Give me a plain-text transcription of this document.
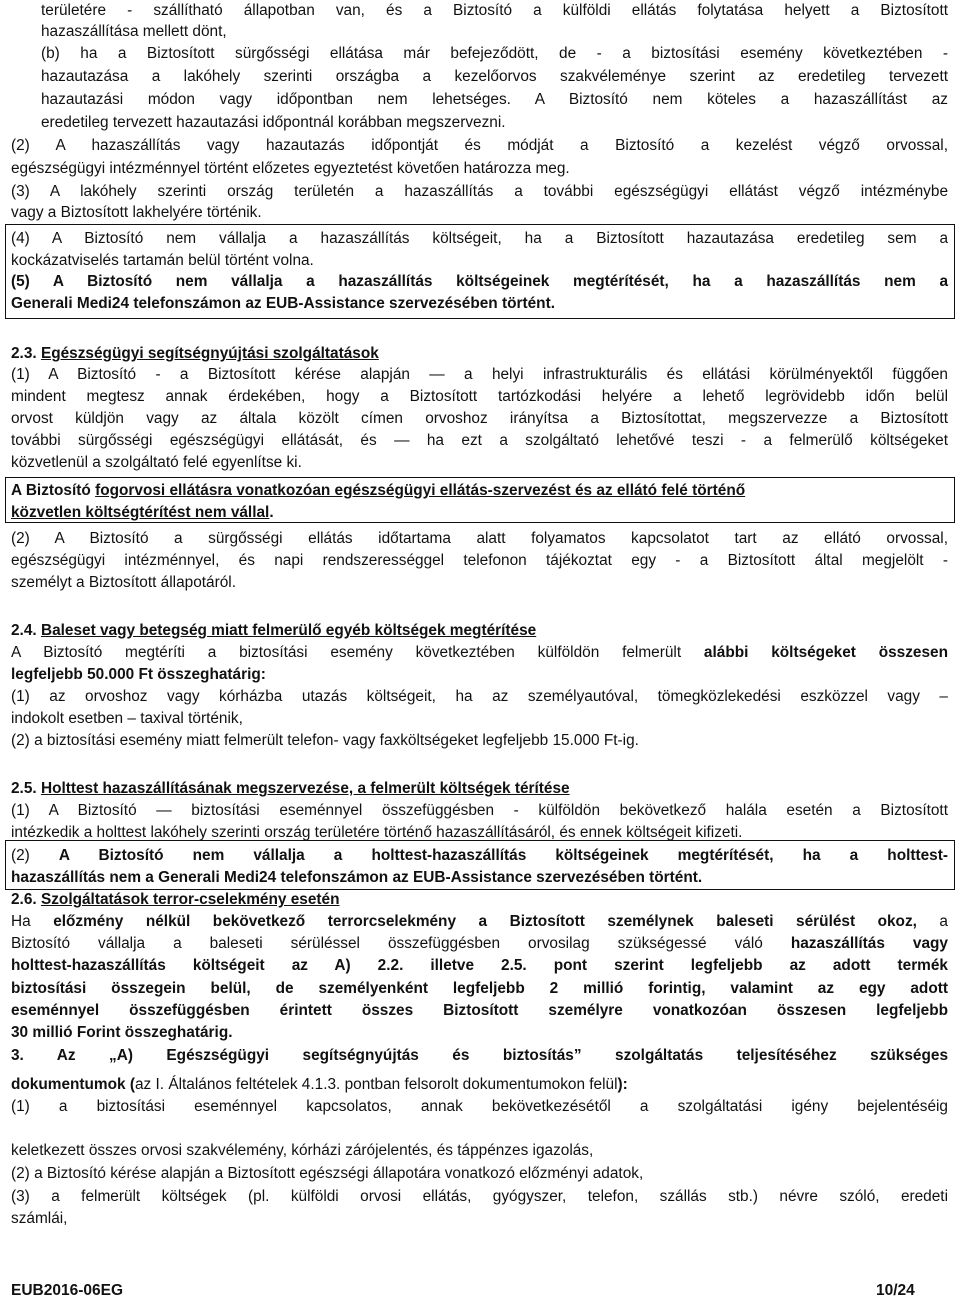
területére - szállítható állapotban van, és a Biztosító a külföldi ellátás folytatása helyett a Biztosított
hazaszállítása mellett dönt,
(b) ha a Biztosított sürgősségi ellátása már befejeződött, de - a biztosítási esemény következtében -
hazautazása a lakóhely szerinti országba a kezelőorvos szakvéleménye szerint az eredetileg tervezett
hazautazási módon vagy időpontban nem lehetséges. A Biztosító nem köteles a hazaszállítást az
eredetileg tervezett hazautazási időpontnál korábban megszervezni.
(2) A hazaszállítás vagy hazautazás időpontját és módját a Biztosító a kezelést végző orvossal,
egészségügyi intézménnyel történt előzetes egyeztetést követően határozza meg.
(3) A lakóhely szerinti ország területén a hazaszállítás a további egészségügyi ellátást végző intézménybe
vagy a Biztosított lakhelyére történik.
(4) A Biztosító nem vállalja a hazaszállítás költségeit, ha a Biztosított hazautazása eredetileg sem a
kockázatviselés tartamán belül történt volna.
(5) A Biztosító nem vállalja a hazaszállítás költségeinek megtérítését, ha a hazaszállítás nem a
Generali Medi24 telefonszámon az EUB-Assistance szervezésében történt.
2.3. Egészségügyi segítségnyújtási szolgáltatások
(1) A Biztosító - a Biztosított kérése alapján — a helyi infrastrukturális és ellátási körülményektől függően
mindent megtesz annak érdekében, hogy a Biztosított tartózkodási helyére a lehető legrövidebb időn belül
orvost küldjön vagy az általa közölt címen orvoshoz irányítsa a Biztosítottat, megszervezze a Biztosított
további sürgősségi egészségügyi ellátását, és — ha ezt a szolgáltató lehetővé teszi - a felmerülő költségeket
közvetlenül a szolgáltató felé egyenlítse ki.
A Biztosító fogorvosi ellátásra vonatkozóan egészségügyi ellátás-szervezést és az ellátó felé történő
közvetlen költségtérítést nem vállal.
(2) A Biztosító a sürgősségi ellátás időtartama alatt folyamatos kapcsolatot tart az ellátó orvossal,
egészségügyi intézménnyel, és napi rendszerességgel telefonon tájékoztat egy - a Biztosított által megjelölt -
személyt a Biztosított állapotáról.
2.4. Baleset vagy betegség miatt felmerülő egyéb költségek megtérítése
A Biztosító megtéríti a biztosítási esemény következtében külföldön felmerült alábbi költségeket összesen
legfeljebb 50.000 Ft összeghatárig:
(1) az orvoshoz vagy kórházba utazás költségeit, ha az személyautóval, tömegközlekedési eszközzel vagy –
indokolt esetben – taxival történik,
(2) a biztosítási esemény miatt felmerült telefon- vagy faxköltségeket legfeljebb 15.000 Ft-ig.
2.5. Holttest hazaszállításának megszervezése, a felmerült költségek térítése
(1) A Biztosító — biztosítási eseménnyel összefüggésben - külföldön bekövetkező halála esetén a Biztosított
intézkedik a holttest lakóhely szerinti ország területére történő hazaszállításáról, és ennek költségeit kifizeti.
(2) A Biztosító nem vállalja a holttest-hazaszállítás költségeinek megtérítését, ha a holttest-
hazaszállítás nem a Generali Medi24 telefonszámon az EUB-Assistance szervezésében történt.
2.6. Szolgáltatások terror-cselekmény esetén
Ha előzmény nélkül bekövetkező terrorcselekmény a Biztosított személynek baleseti sérülést okoz, a
Biztosító vállalja a baleseti sérüléssel összefüggésben orvosilag szükségessé váló hazaszállítás vagy
holttest-hazaszállítás költségeit az A) 2.2. illetve 2.5. pont szerint legfeljebb az adott termék
biztosítási összegein belül, de személyenként legfeljebb 2 millió forintig, valamint az egy adott
eseménnyel összefüggésben érintett összes Biztosított személyre vonatkozóan összesen legfeljebb
30 millió Forint összeghatárig.
3. Az „A) Egészségügyi segítségnyújtás és biztosítás” szolgáltatás teljesítéséhez szükséges
dokumentumok (az I. Általános feltételek 4.1.3. pontban felsorolt dokumentumokon felül):
(1) a biztosítási eseménnyel kapcsolatos, annak bekövetkezésétől a szolgáltatási igény bejelentéséig
keletkezett összes orvosi szakvélemény, kórházi zárójelentés, és táppénzes igazolás,
(2) a Biztosító kérése alapján a Biztosított egészségi állapotára vonatkozó előzményi adatok,
(3) a felmerült költségek (pl. külföldi orvosi ellátás, gyógyszer, telefon, szállás stb.) névre szóló, eredeti
számlái,
EUB2016-06EG	10/24
